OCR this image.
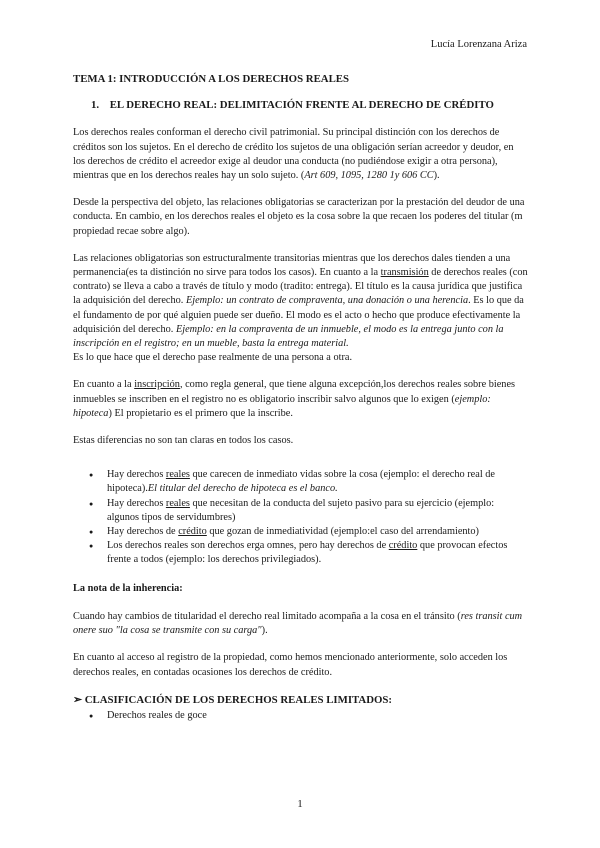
Lucía Lorenzana Ariza
TEMA 1: INTRODUCCIÓN A LOS DERECHOS REALES
1. EL DERECHO REAL: DELIMITACIÓN FRENTE AL DERECHO DE CRÉDITO

Los derechos reales conforman el derecho civil patrimonial. Su principal distinción con los derechos de créditos son los sujetos. En el derecho de crédito los sujetos de una obligación serían acreedor y deudor, en los derechos de crédito el acreedor exige al deudor una conducta (no pudiéndose exigir a otra persona), mientras que en los derechos reales hay un solo sujeto. (Art 609, 1095, 1280 1y 606 CC).

Desde la perspectiva del objeto, las relaciones obligatorias se caracterizan por la prestación del deudor de una conducta. En cambio, en los derechos reales el objeto es la cosa sobre la que recaen los poderes del titular (m propiedad recae sobre algo).

Las relaciones obligatorias son estructuralmente transitorias mientras que los derechos dales tienden a una permanencia(es ta distinción no sirve para todos los casos). En cuanto a la transmisión de derechos reales (con contrato) se lleva a cabo a través de título y modo (tradito: entrega). El título es la causa jurídica que justifica la adquisición del derecho. Ejemplo: un contrato de compraventa, una donación o una herencia. Es lo que da el fundamento de por qué alguien puede ser dueño. El modo es el acto o hecho que produce efectivamente la adquisición del derecho. Ejemplo: en la compraventa de un inmueble, el modo es la entrega junto con la inscripción en el registro; en un mueble, basta la entrega material.

Es lo que hace que el derecho pase realmente de una persona a otra.

En cuanto a la inscripción, como regla general, que tiene alguna excepción,los derechos reales sobre bienes inmuebles se inscriben en el registro no es obligatorio inscribir salvo algunos que lo exigen (ejemplo: hipoteca) El propietario es el primero que la inscribe.

Estas diferencias no son tan claras en todos los casos.

● Hay derechos reales que carecen de inmediato vidas sobre la cosa (ejemplo: el derecho real de hipoteca).El titular del derecho de hipoteca es el banco.
● Hay derechos reales que necesitan de la conducta del sujeto pasivo para su ejercicio (ejemplo: algunos tipos de servidumbres)
● Hay derechos de crédito que gozan de inmediatividad (ejemplo:el caso del arrendamiento)
● Los derechos reales son derechos erga omnes, pero hay derechos de crédito que provocan efectos frente a todos (ejemplo: los derechos privilegiados).
La nota de la inherencia:

Cuando hay cambios de titularidad el derecho real limitado acompaña a la cosa en el tránsito (res transit cum onere suo "la cosa se transmite con su carga").

En cuanto al acceso al registro de la propiedad, como hemos mencionado anteriormente, solo acceden los derechos reales, en contadas ocasiones los derechos de crédito.

➢ CLASIFICACIÓN DE LOS DERECHOS REALES LIMITADOS:
● Derechos reales de goce
1
